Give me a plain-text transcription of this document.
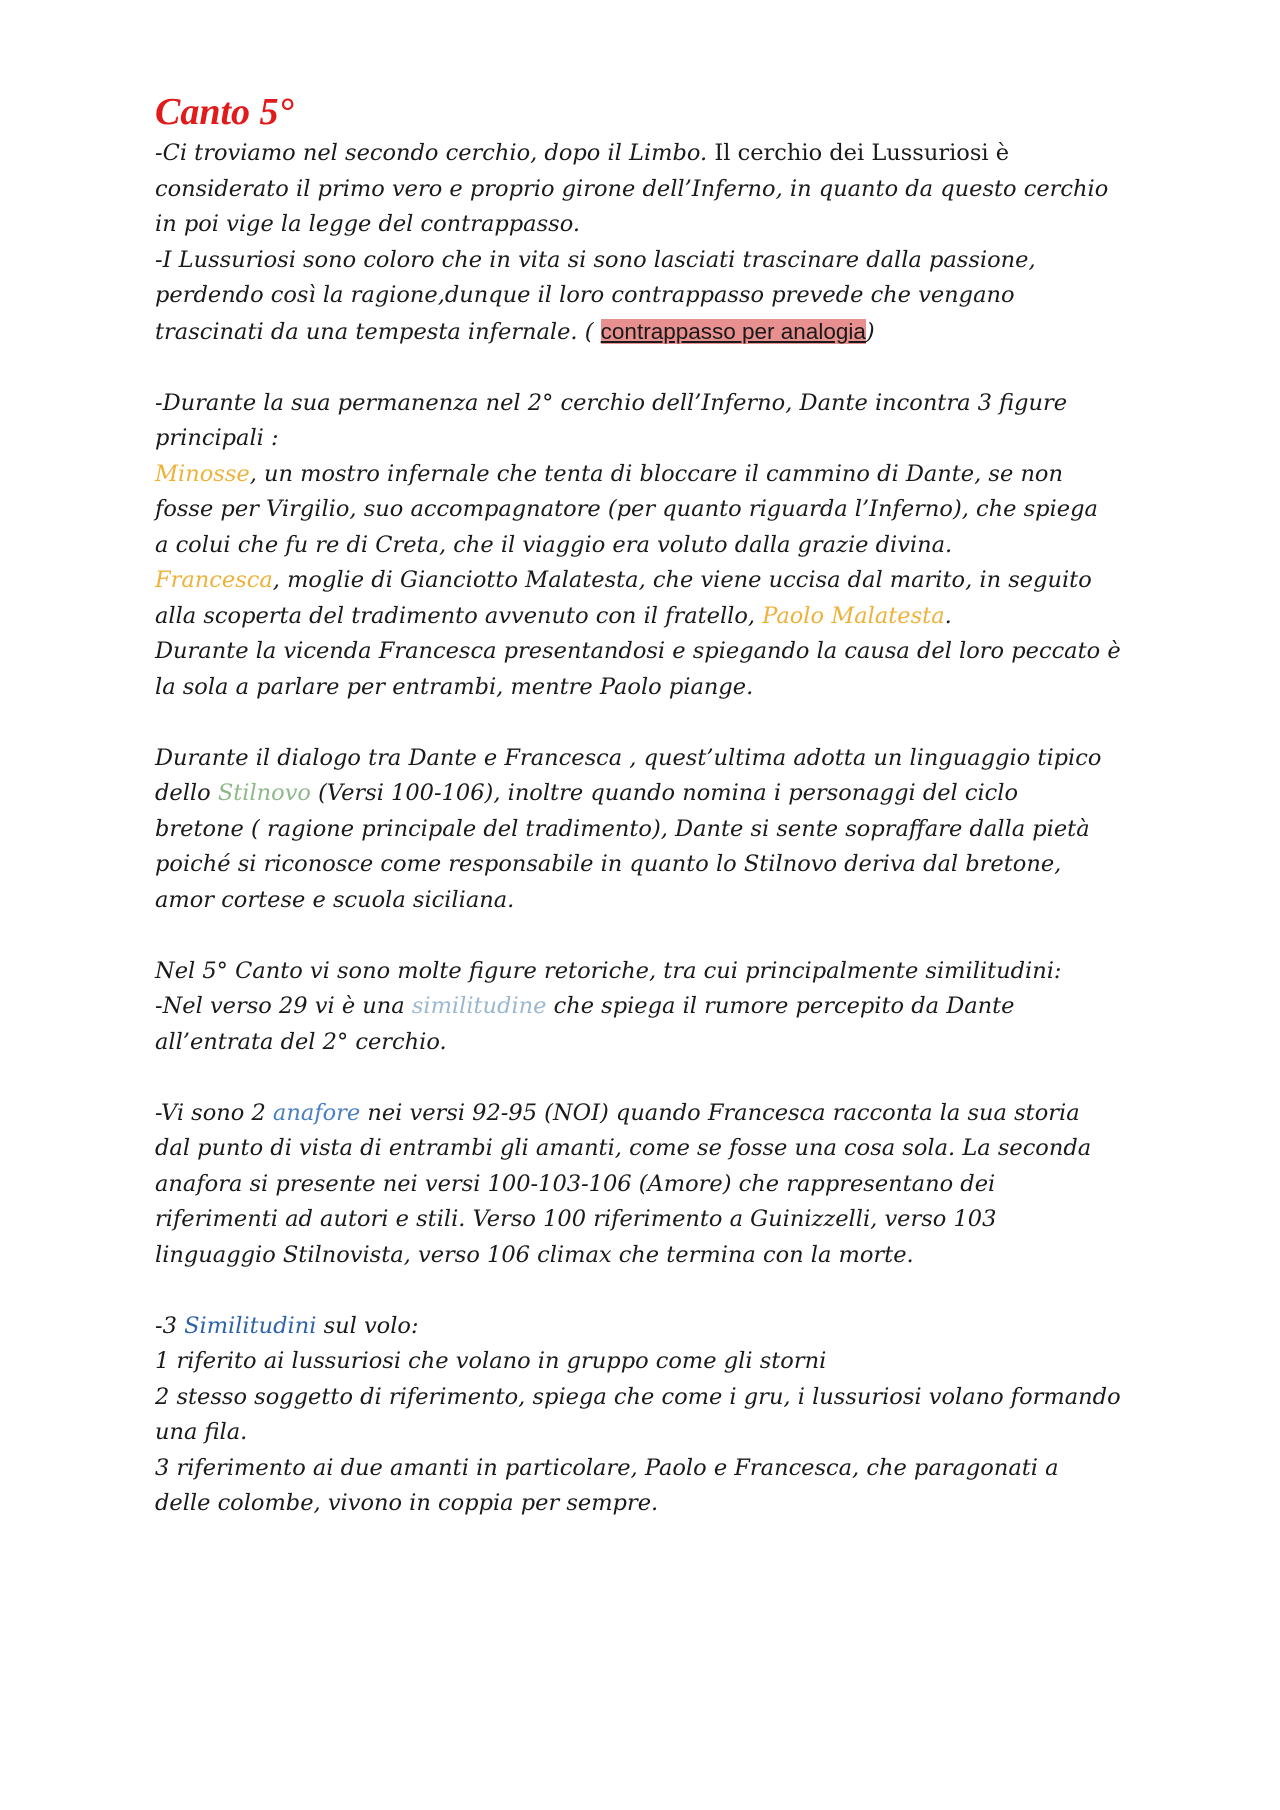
Canto 5°
-Ci troviamo nel secondo cerchio, dopo il Limbo. Il cerchio dei Lussuriosi è
considerato il primo vero e proprio girone dell’Inferno, in quanto da questo cerchio
in poi vige la legge del contrappasso.
-I Lussuriosi sono coloro che in vita si sono lasciati trascinare dalla passione,
perdendo così la ragione,dunque il loro contrappasso prevede che vengano
trascinati da una tempesta infernale. ( contrappasso per analogia)
-Durante la sua permanenza nel 2° cerchio dell’Inferno, Dante incontra 3 figure
principali :
Minosse, un mostro infernale che tenta di bloccare il cammino di Dante, se non
fosse per Virgilio, suo accompagnatore (per quanto riguarda l’Inferno), che spiega
a colui che fu re di Creta, che il viaggio era voluto dalla grazie divina.
Francesca, moglie di Gianciotto Malatesta, che viene uccisa dal marito, in seguito
alla scoperta del tradimento avvenuto con il fratello, Paolo Malatesta.
Durante la vicenda Francesca presentandosi e spiegando la causa del loro peccato è
la sola a parlare per entrambi, mentre Paolo piange.
Durante il dialogo tra Dante e Francesca , quest’ultima adotta un linguaggio tipico
dello Stilnovo (Versi 100-106), inoltre quando nomina i personaggi del ciclo
bretone ( ragione principale del tradimento), Dante si sente sopraffare dalla pietà
poiché si riconosce come responsabile in quanto lo Stilnovo deriva dal bretone,
amor cortese e scuola siciliana.
Nel 5° Canto vi sono molte figure retoriche, tra cui principalmente similitudini:
-Nel verso 29 vi è una similitudine che spiega il rumore percepito da Dante
all’entrata del 2° cerchio.
-Vi sono 2 anafore nei versi 92-95 (NOI) quando Francesca racconta la sua storia
dal punto di vista di entrambi gli amanti, come se fosse una cosa sola. La seconda
anafora si presente nei versi 100-103-106 (Amore) che rappresentano dei
riferimenti ad autori e stili. Verso 100 riferimento a Guinizzelli, verso 103
linguaggio Stilnovista, verso 106 climax che termina con la morte.
-3 Similitudini sul volo:
1 riferito ai lussuriosi che volano in gruppo come gli storni
2 stesso soggetto di riferimento, spiega che come i gru, i lussuriosi volano formando
una fila.
3 riferimento ai due amanti in particolare, Paolo e Francesca, che paragonati a
delle colombe, vivono in coppia per sempre.
